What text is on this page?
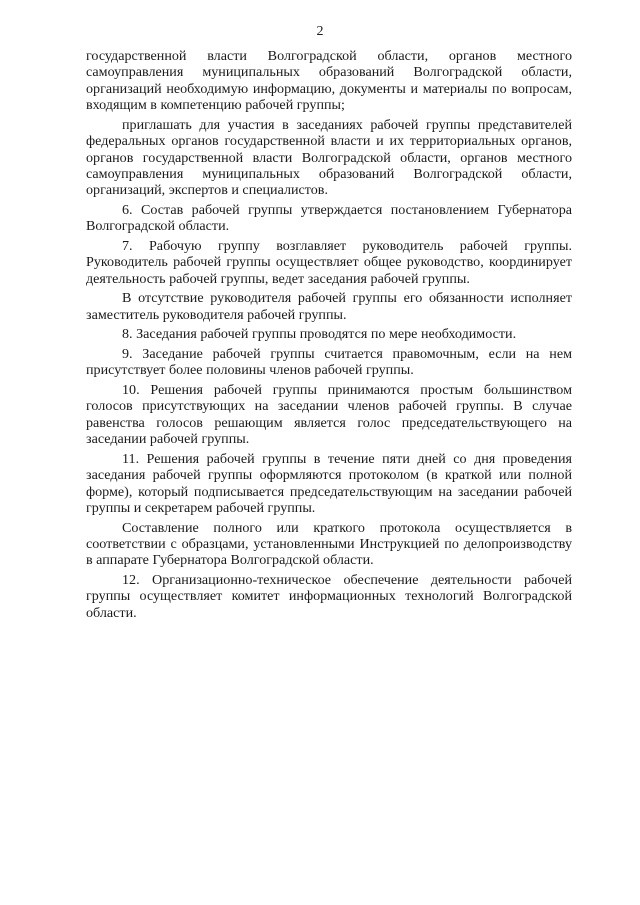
2

государственной власти Волгоградской области, органов местного самоуправления муниципальных образований Волгоградской области, организаций необходимую информацию, документы и материалы по вопросам, входящим в компетенцию рабочей группы;

приглашать для участия в заседаниях рабочей группы представителей федеральных органов государственной власти и их территориальных органов, органов государственной власти Волгоградской области, органов местного самоуправления муниципальных образований Волгоградской области, организаций, экспертов и специалистов.

6. Состав рабочей группы утверждается постановлением Губернатора Волгоградской области.

7. Рабочую группу возглавляет руководитель рабочей группы. Руководитель рабочей группы осуществляет общее руководство, координирует деятельность рабочей группы, ведет заседания рабочей группы.

В отсутствие руководителя рабочей группы его обязанности исполняет заместитель руководителя рабочей группы.

8. Заседания рабочей группы проводятся по мере необходимости.

9. Заседание рабочей группы считается правомочным, если на нем присутствует более половины членов рабочей группы.

10. Решения рабочей группы принимаются простым большинством голосов присутствующих на заседании членов рабочей группы. В случае равенства голосов решающим является голос председательствующего на заседании рабочей группы.

11. Решения рабочей группы в течение пяти дней со дня проведения заседания рабочей группы оформляются протоколом (в краткой или полной форме), который подписывается председательствующим на заседании рабочей группы и секретарем рабочей группы.

Составление полного или краткого протокола осуществляется в соответствии с образцами, установленными Инструкцией по делопроизводству в аппарате Губернатора Волгоградской области.

12. Организационно-техническое обеспечение деятельности рабочей группы осуществляет комитет информационных технологий Волгоградской области.
